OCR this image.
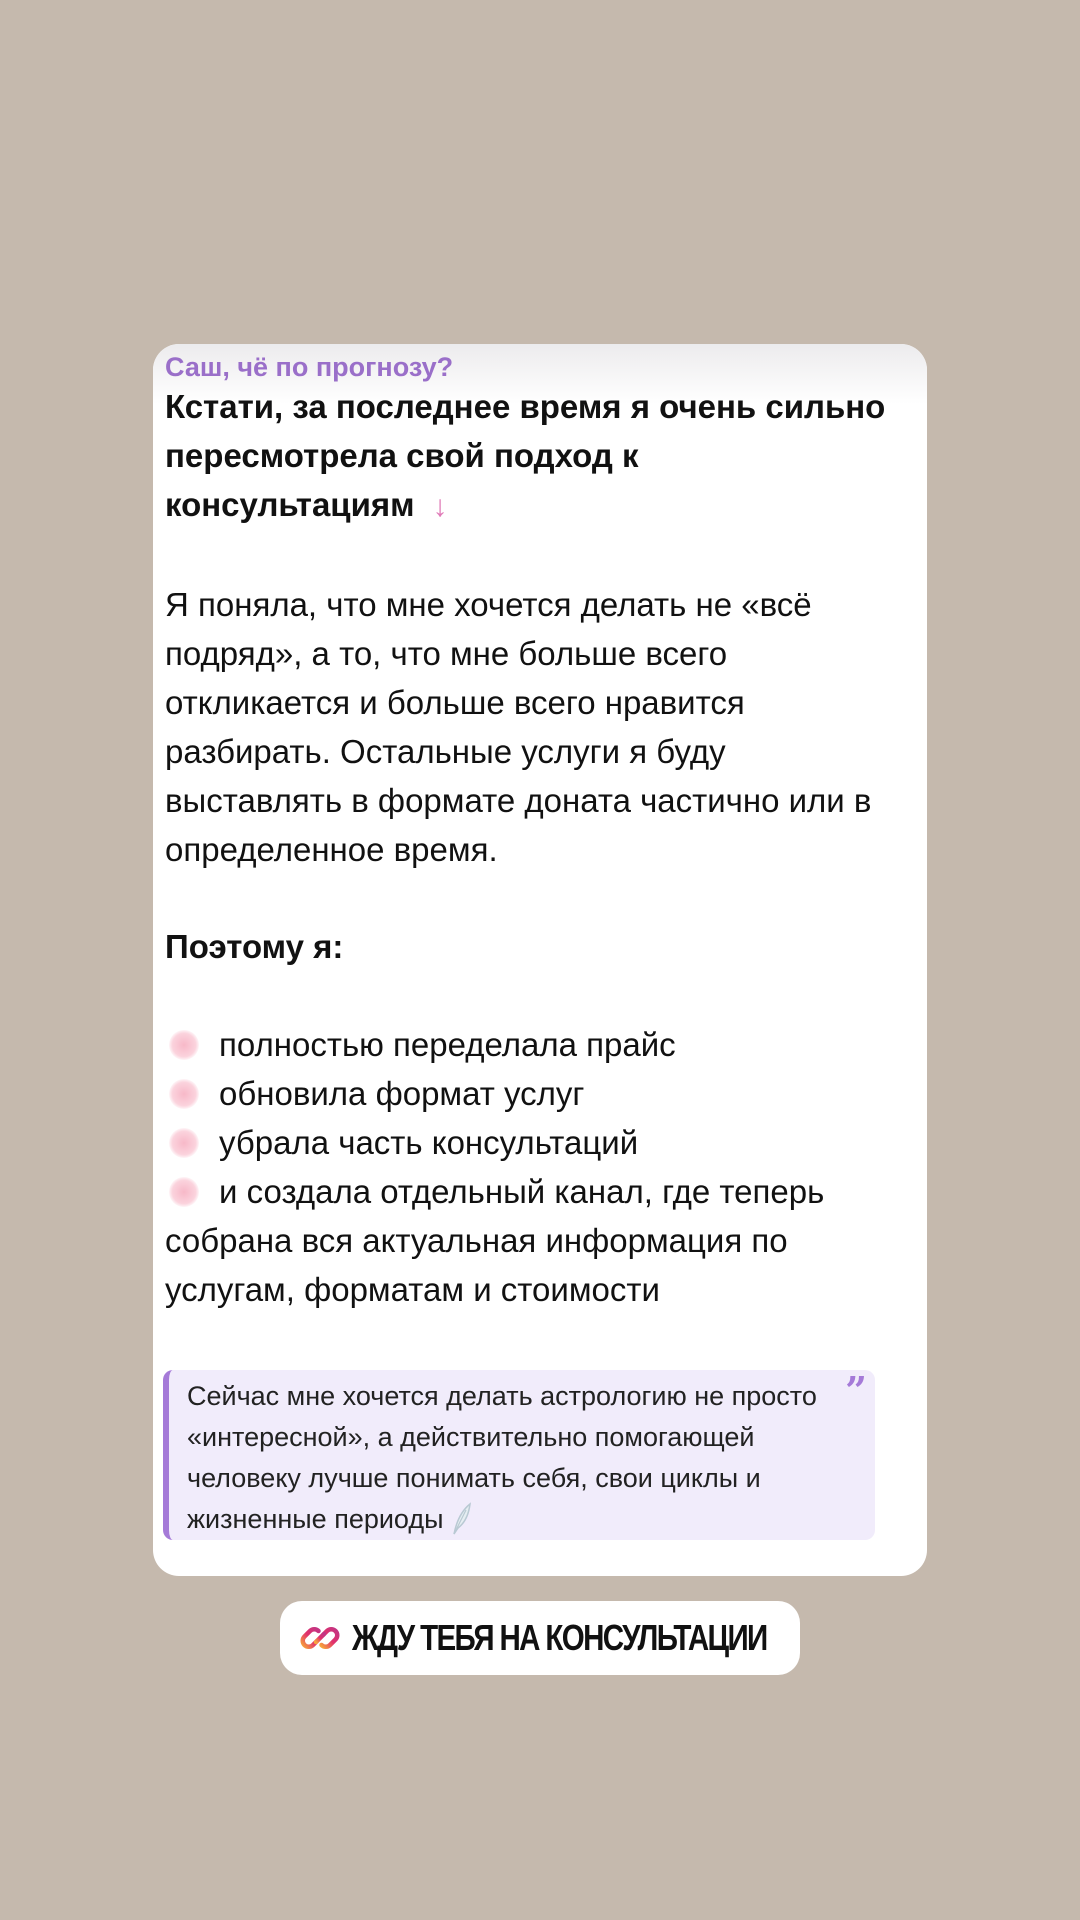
Саш, чё по прогнозу?
Кстати, за последнее время я очень сильно пересмотрела свой подход к консультациям ↓
Я поняла, что мне хочется делать не «всё подряд», а то, что мне больше всего откликается и больше всего нравится разбирать. Остальные услуги я буду выставлять в формате доната частично или в определенное время.
Поэтому я:
полностью переделала прайс
обновила формат услуг
убрала часть консультаций
и создала отдельный канал, где теперь собрана вся актуальная информация по услугам, форматам и стоимости
Сейчас мне хочется делать астрологию не просто «интересной», а действительно помогающей человеку лучше понимать себя, свои циклы и жизненные периоды
”
ЖДУ ТЕБЯ НА КОНСУЛЬТАЦИИ
